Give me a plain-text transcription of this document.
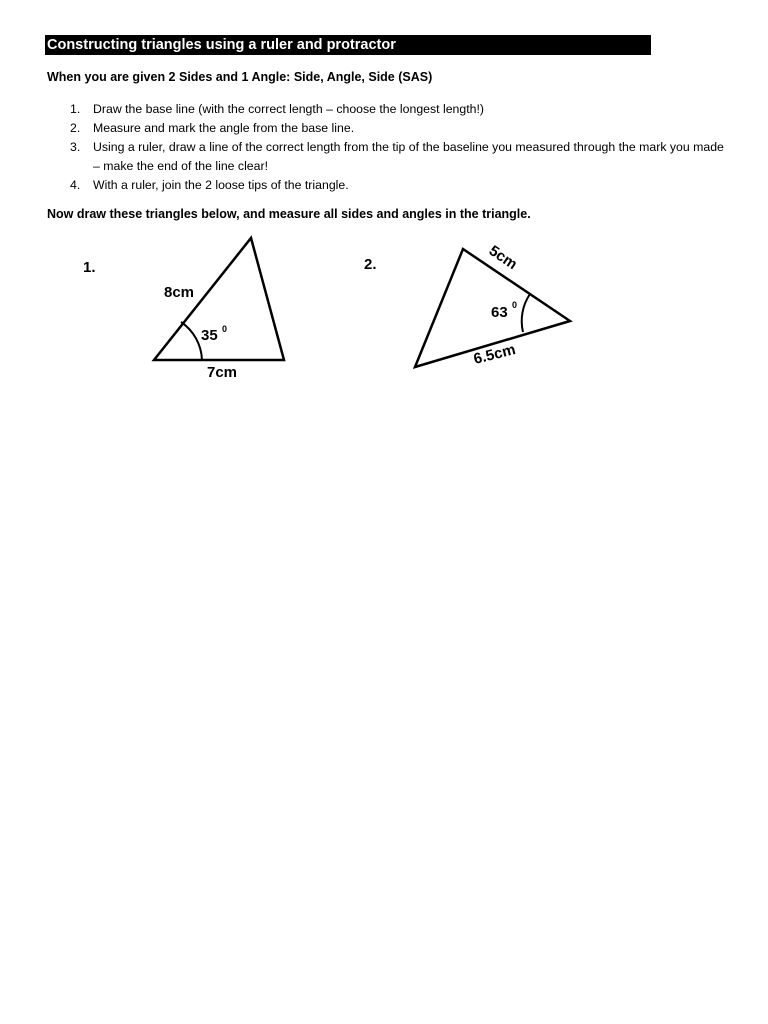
Constructing triangles using a ruler and protractor
When you are given 2 Sides and 1 Angle: Side, Angle, Side (SAS)
1. Draw the base line (with the correct length – choose the longest length!)
2. Measure and mark the angle from the base line.
3. Using a ruler, draw a line of the correct length from the tip of the baseline you measured through the mark you made – make the end of the line clear!
4. With a ruler, join the 2 loose tips of the triangle.
Now draw these triangles below, and measure all sides and angles in the triangle.
1.
8cm
35 0
7cm
2.	5cm
63 0
6.5cm
